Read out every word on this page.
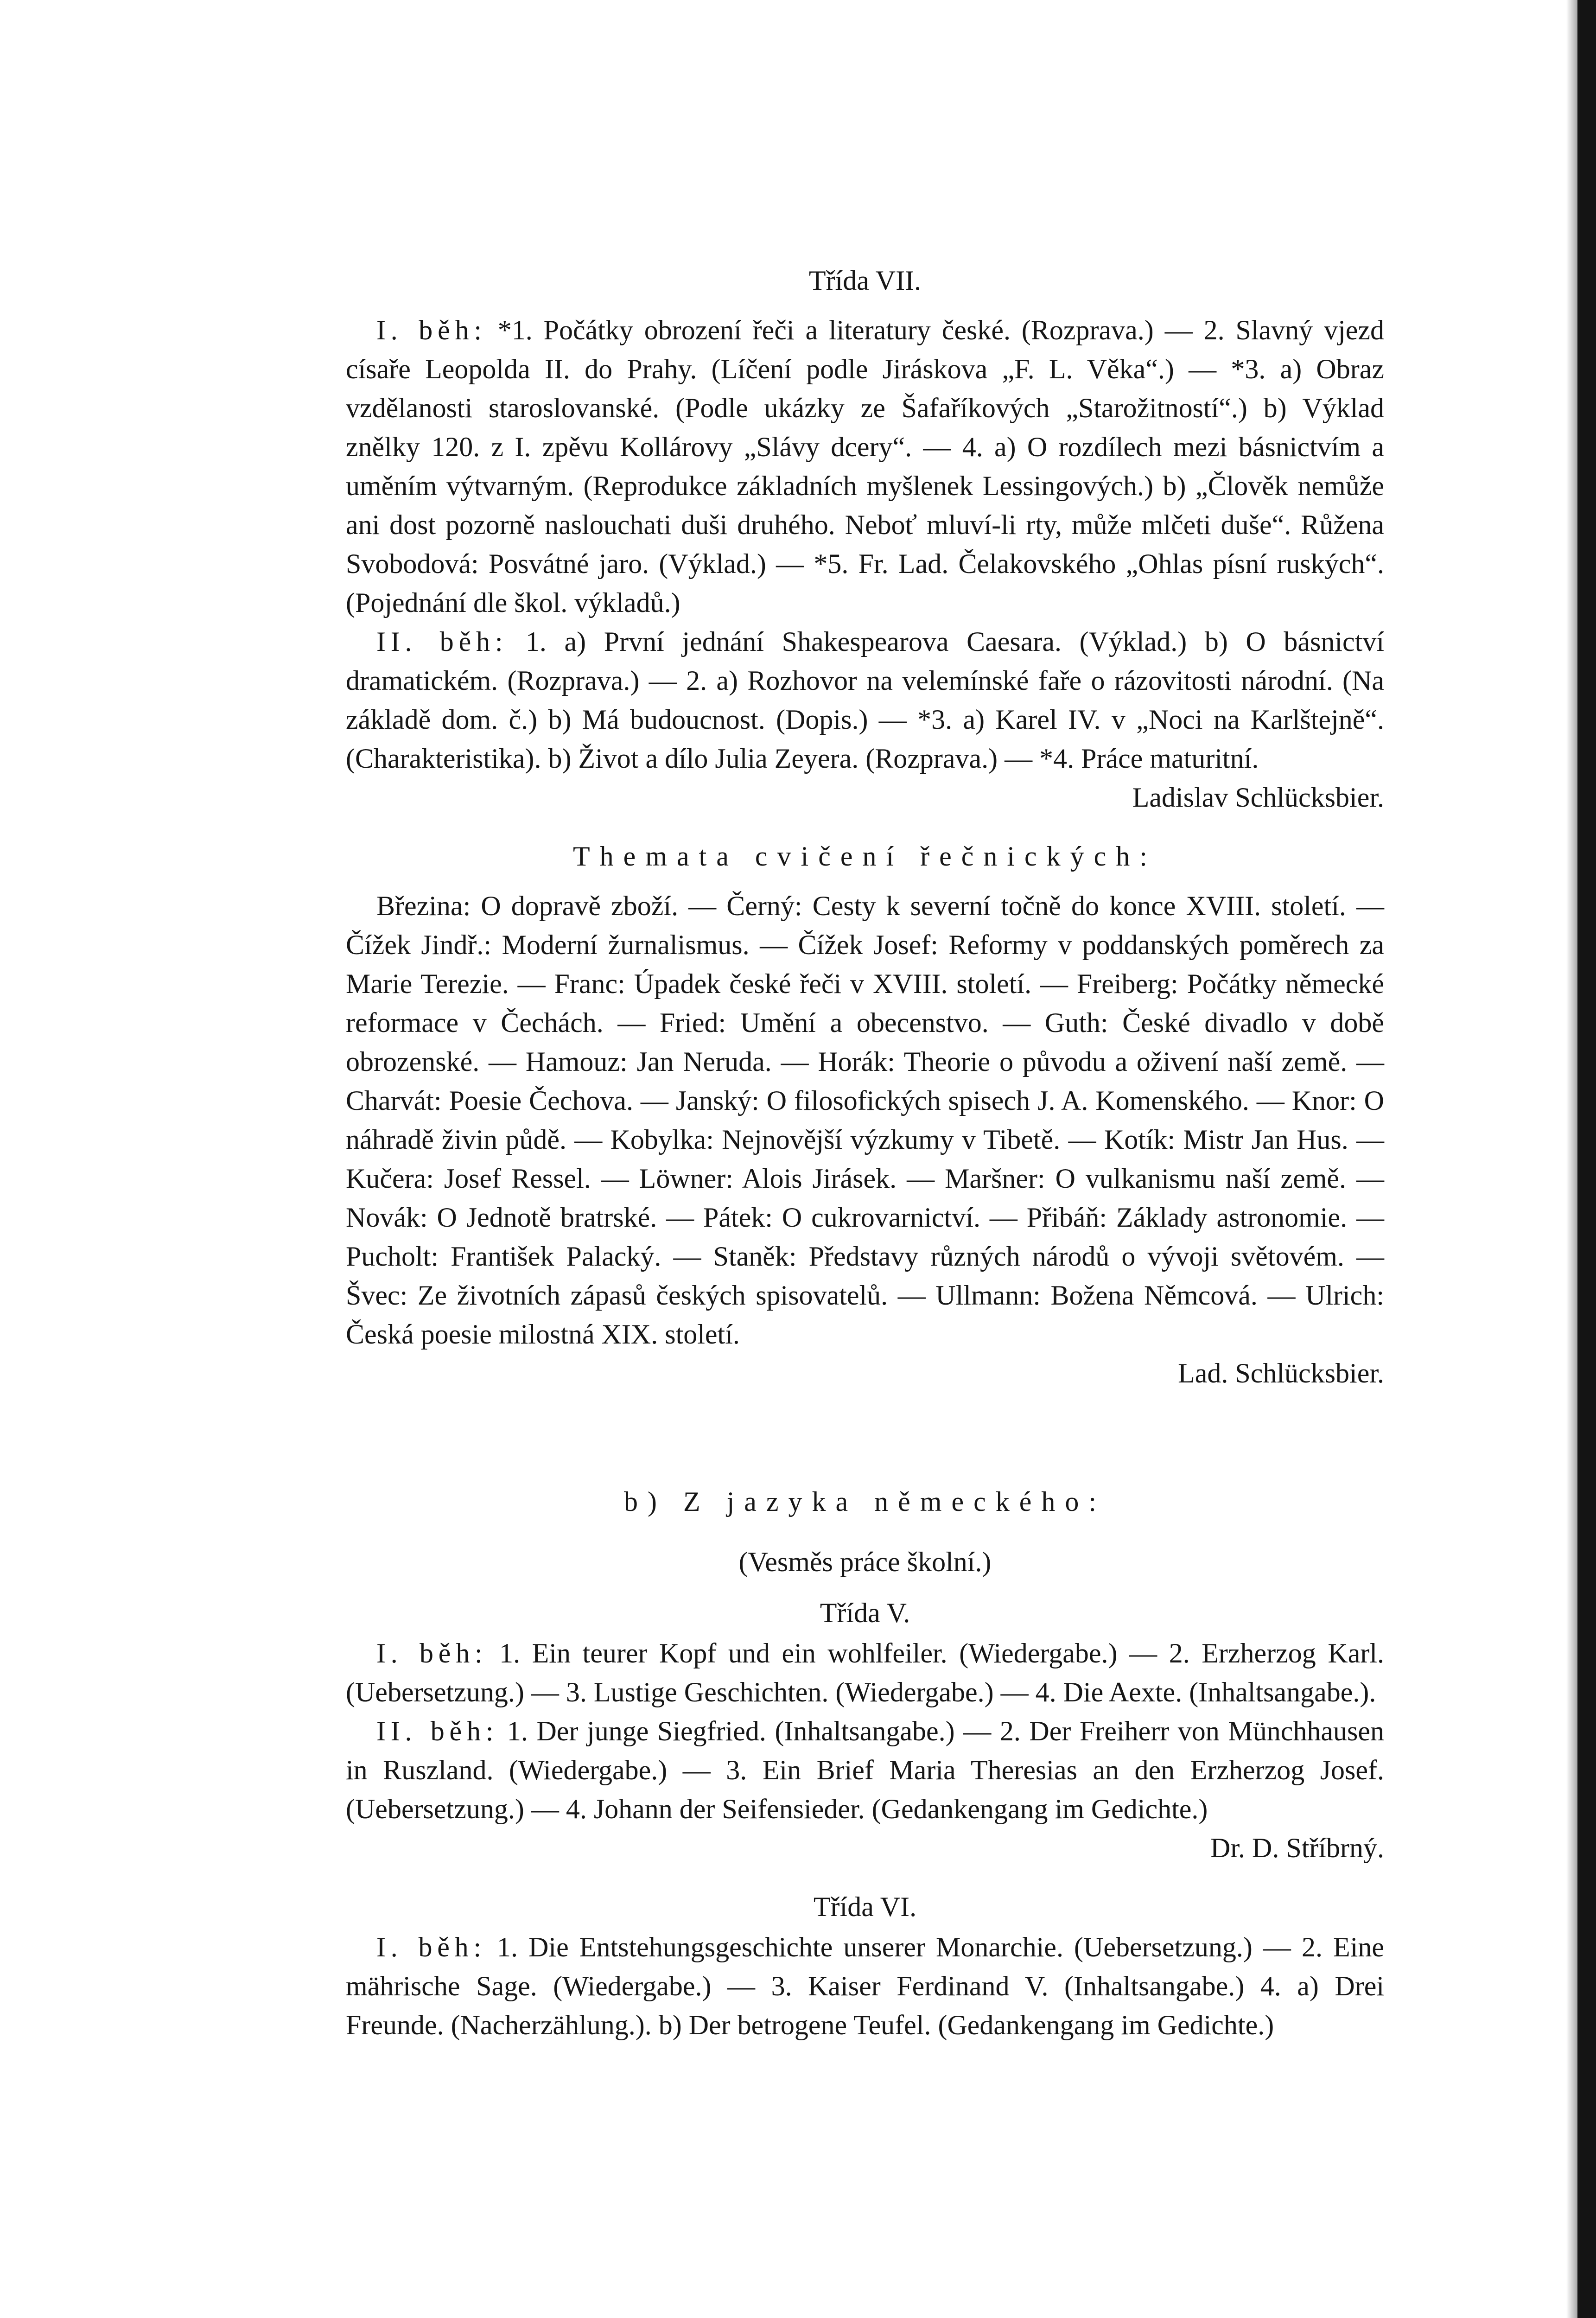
Třída VII.

I. běh: *1. Počátky obrození řeči a literatury české. (Rozprava.) — 2. Slavný vjezd císaře Leopolda II. do Prahy. (Líčení podle Jiráskova „F. L. Věka“.) — *3. a) Obraz vzdělanosti staroslovanské. (Podle ukázky ze Šafaříkových „Starožitností“.) b) Výklad znělky 120. z I. zpěvu Kollárovy „Slávy dcery“. — 4. a) O rozdílech mezi básnictvím a uměním výtvarným. (Reprodukce základních myšlenek Lessingových.) b) „Člověk nemůže ani dost pozorně naslouchati duši druhého. Neboť mluví-li rty, může mlčeti duše“. Růžena Svobodová: Posvátné jaro. (Výklad.) — *5. Fr. Lad. Čelakovského „Ohlas písní ruských“. (Pojednání dle škol. výkladů.)

II. běh: 1. a) První jednání Shakespearova Caesara. (Výklad.) b) O básnictví dramatickém. (Rozprava.) — 2. a) Rozhovor na velemínské faře o rázovitosti národní. (Na základě dom. č.) b) Má budoucnost. (Dopis.) — *3. a) Karel IV. v „Noci na Karlštejně“. (Charakteristika). b) Život a dílo Julia Zeyera. (Rozprava.) — *4. Práce maturitní.

Ladislav Schlücksbier.

Themata cvičení řečnických:

Březina: O dopravě zboží. — Černý: Cesty k severní točně do konce XVIII. století. — Čížek Jindř.: Moderní žurnalismus. — Čížek Josef: Reformy v poddanských poměrech za Marie Terezie. — Franc: Úpadek české řeči v XVIII. století. — Freiberg: Počátky německé reformace v Čechách. — Fried: Umění a obecenstvo. — Guth: České divadlo v době obrozenské. — Hamouz: Jan Neruda. — Horák: Theorie o původu a oživení naší země. — Charvát: Poesie Čechova. — Janský: O filosofických spisech J. A. Komenského. — Knor: O náhradě živin půdě. — Kobylka: Nejnovější výzkumy v Tibetě. — Kotík: Mistr Jan Hus. — Kučera: Josef Ressel. — Löwner: Alois Jirásek. — Maršner: O vulkanismu naší země. — Novák: O Jednotě bratrské. — Pátek: O cukrovarnictví. — Přibáň: Základy astronomie. — Pucholt: František Palacký. — Staněk: Představy různých národů o vývoji světovém. — Švec: Ze životních zápasů českých spisovatelů. — Ullmann: Božena Němcová. — Ulrich: Česká poesie milostná XIX. století.

Lad. Schlücksbier.

b) Z jazyka německého:

(Vesměs práce školní.)

Třída V.

I. běh: 1. Ein teurer Kopf und ein wohlfeiler. (Wiedergabe.) — 2. Erzherzog Karl. (Uebersetzung.) — 3. Lustige Geschichten. (Wiedergabe.) — 4. Die Aexte. (Inhaltsangabe.).

II. běh: 1. Der junge Siegfried. (Inhaltsangabe.) — 2. Der Freiherr von Münchhausen in Ruszland. (Wiedergabe.) — 3. Ein Brief Maria Theresias an den Erzherzog Josef. (Uebersetzung.) — 4. Johann der Seifensieder. (Gedankengang im Gedichte.)

Dr. D. Stříbrný.

Třída VI.

I. běh: 1. Die Entstehungsgeschichte unserer Monarchie. (Uebersetzung.) — 2. Eine mährische Sage. (Wiedergabe.) — 3. Kaiser Ferdinand V. (Inhaltsangabe.) 4. a) Drei Freunde. (Nacherzählung.). b) Der betrogene Teufel. (Gedankengang im Gedichte.)
